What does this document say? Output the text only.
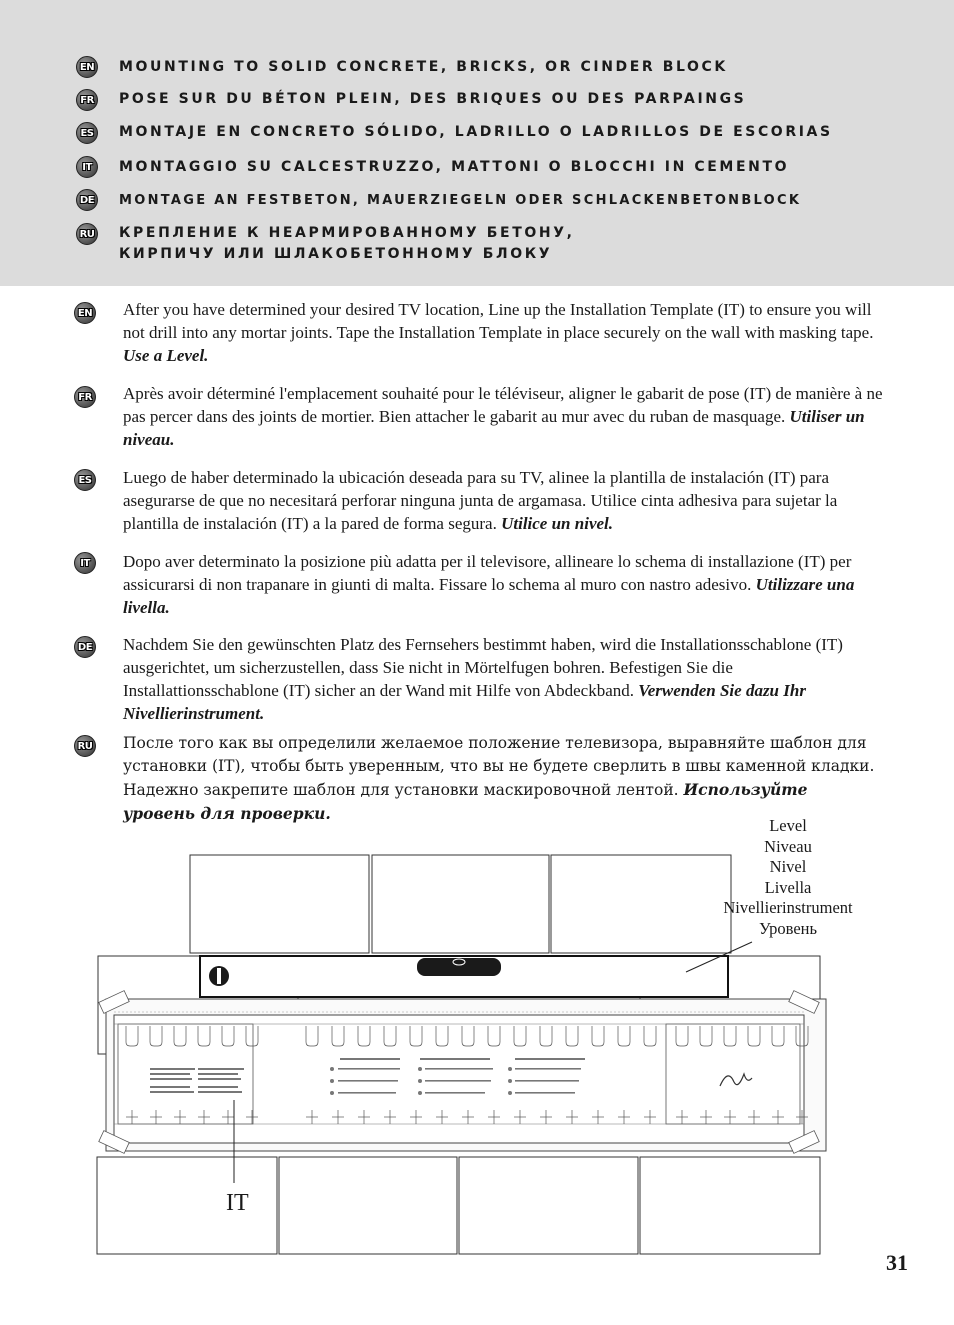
EN MOUNTING TO SOLID CONCRETE, BRICKS, OR CINDER BLOCK
FR POSE SUR DU BÉTON PLEIN, DES BRIQUES OU DES PARPAINGS
ES MONTAJE EN CONCRETO SÓLIDO, LADRILLO O LADRILLOS DE ESCORIAS
IT MONTAGGIO SU CALCESTRUZZO, MATTONI O BLOCCHI IN CEMENTO
DE MONTAGE AN FESTBETON, MAUERZIEGELN ODER SCHLACKENBETONBLOCK
RU КРЕПЛЕНИЕ К НЕАРМИРОВАННОМУ БЕТОНУ,
КИРПИЧУ ИЛИ ШЛАКОБЕТОННОМУ БЛОКУ
EN After you have determined your desired TV location, Line up the Installation Template (IT) to ensure you will not drill into any mortar joints. Tape the Installation Template in place securely on the wall with masking tape. Use a Level.
FR Après avoir déterminé l'emplacement souhaité pour le téléviseur, aligner le gabarit de pose (IT) de manière à ne pas percer dans des joints de mortier. Bien attacher le gabarit au mur avec du ruban de masquage. Utiliser un niveau.
ES Luego de haber determinado la ubicación deseada para su TV, alinee la plantilla de instalación (IT) para asegurarse de que no necesitará perforar ninguna junta de argamasa. Utilice cinta adhesiva para sujetar la plantilla de instalación (IT) a la pared de forma segura. Utilice un nivel.
IT Dopo aver determinato la posizione più adatta per il televisore, allineare lo schema di installazione (IT) per assicurarsi di non trapanare in giunti di malta. Fissare lo schema al muro con nastro adesivo. Utilizzare una livella.
DE Nachdem Sie den gewünschten Platz des Fernsehers bestimmt haben, wird die Installationsschablone (IT) ausgerichtet, um sicherzustellen, dass Sie nicht in Mörtelfugen bohren. Befestigen Sie die Installattionsschablone (IT) sicher an der Wand mit Hilfe von Abdeckband. Verwenden Sie dazu Ihr Nivellierinstrument.
RU После того как вы определили желаемое положение телевизора, выравняйте шаблон для установки (IT), чтобы быть уверенным, что вы не будете сверлить в швы каменной кладки. Надежно закрепите шаблон для установки маскировочной лентой. Используйте уровень для проверки.
Level
Niveau
Nivel
Livella
Nivellierinstrument
Уровень
IT
31
